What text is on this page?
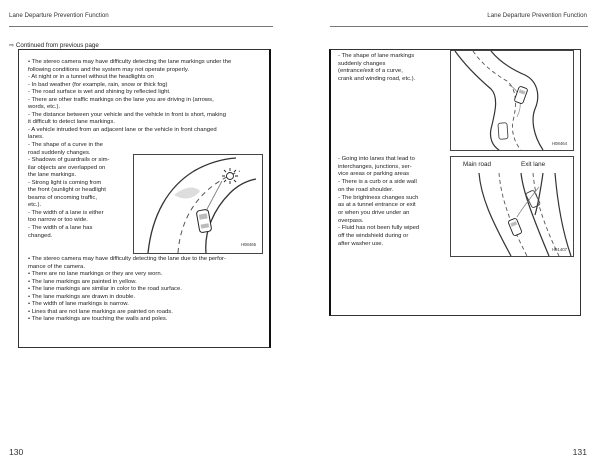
Lane Departure Prevention Function	Lane Departure Prevention Function
⇨ Continued from previous page
• The stereo camera may have difficulty detecting the lane markings under the
following conditions and the system may not operate properly.
- At night or in a tunnel without the headlights on
- In bad weather (for example, rain, snow or thick fog)
- The road surface is wet and shining by reflected light.
- There are other traffic markings on the lane you are driving in (arrows,
words, etc.).
- The distance between your vehicle and the vehicle in front is short, making
it difficult to detect lane markings.
- A vehicle intruded from an adjacent lane or the vehicle in front changed
lanes.
- The shape of a curve in the
road suddenly changes.
- Shadows of guardrails or sim-
ilar objects are overlapped on
the lane markings.
- Strong light is coming from
the front (sunlight or headlight
beams of oncoming traffic,
etc.).
- The width of a lane is either
too narrow or too wide.
- The width of a lane has
changed.
H08465
• The stereo camera may have difficulty detecting the lane due to the perfor-
mance of the camera.
• There are no lane markings or they are very worn.
• The lane markings are painted in yellow.
• The lane markings are similar in color to the road surface.
• The lane markings are drawn in double.
• The width of lane markings is narrow.
• Lines that are not lane markings are painted on roads.
• The lane markings are touching the walls and poles.
- The shape of lane markings
suddenly changes
(entrance/exit of a curve,
crank and winding road, etc.).
H08464
- Going into lanes that lead to
interchanges, junctions, ser-
vice areas or parking areas
- There is a curb or a side wall
on the road shoulder.
- The brightness changes such
as at a tunnel entrance or exit
or when you drive under an
overpass.
- Fluid has not been fully wiped
off the windshield during or
after washer use.
Main road	Exit lane
H01407
130	131
